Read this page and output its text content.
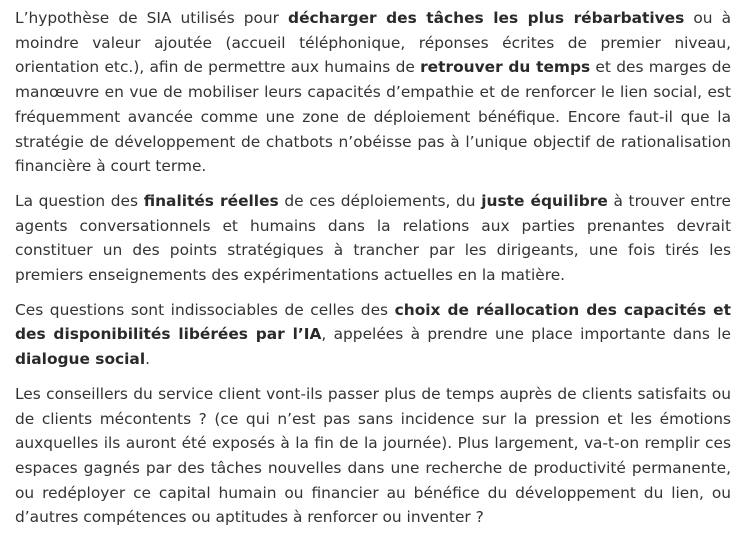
L’hypothèse de SIA utilisés pour décharger des tâches les plus rébarbatives ou à moindre valeur ajoutée (accueil téléphonique, réponses écrites de premier niveau, orientation etc.), afin de permettre aux humains de retrouver du temps et des marges de manœuvre en vue de mobiliser leurs capacités d’empathie et de renforcer le lien social, est fréquemment avancée comme une zone de déploiement bénéfique. Encore faut-il que la stratégie de développement de chatbots n’obéisse pas à l’unique objectif de rationalisation financière à court terme.

La question des finalités réelles de ces déploiements, du juste équilibre à trouver entre agents conversationnels et humains dans la relations aux parties prenantes devrait constituer un des points stratégiques à trancher par les dirigeants, une fois tirés les premiers enseignements des expérimentations actuelles en la matière.

Ces questions sont indissociables de celles des choix de réallocation des capacités et des disponibilités libérées par l’IA, appelées à prendre une place importante dans le dialogue social.

Les conseillers du service client vont-ils passer plus de temps auprès de clients satisfaits ou de clients mécontents ? (ce qui n’est pas sans incidence sur la pression et les émotions auxquelles ils auront été exposés à la fin de la journée). Plus largement, va-t-on remplir ces espaces gagnés par des tâches nouvelles dans une recherche de productivité permanente, ou redéployer ce capital humain ou financier au bénéfice du développement du lien, ou d’autres compétences ou aptitudes à renforcer ou inventer ?
